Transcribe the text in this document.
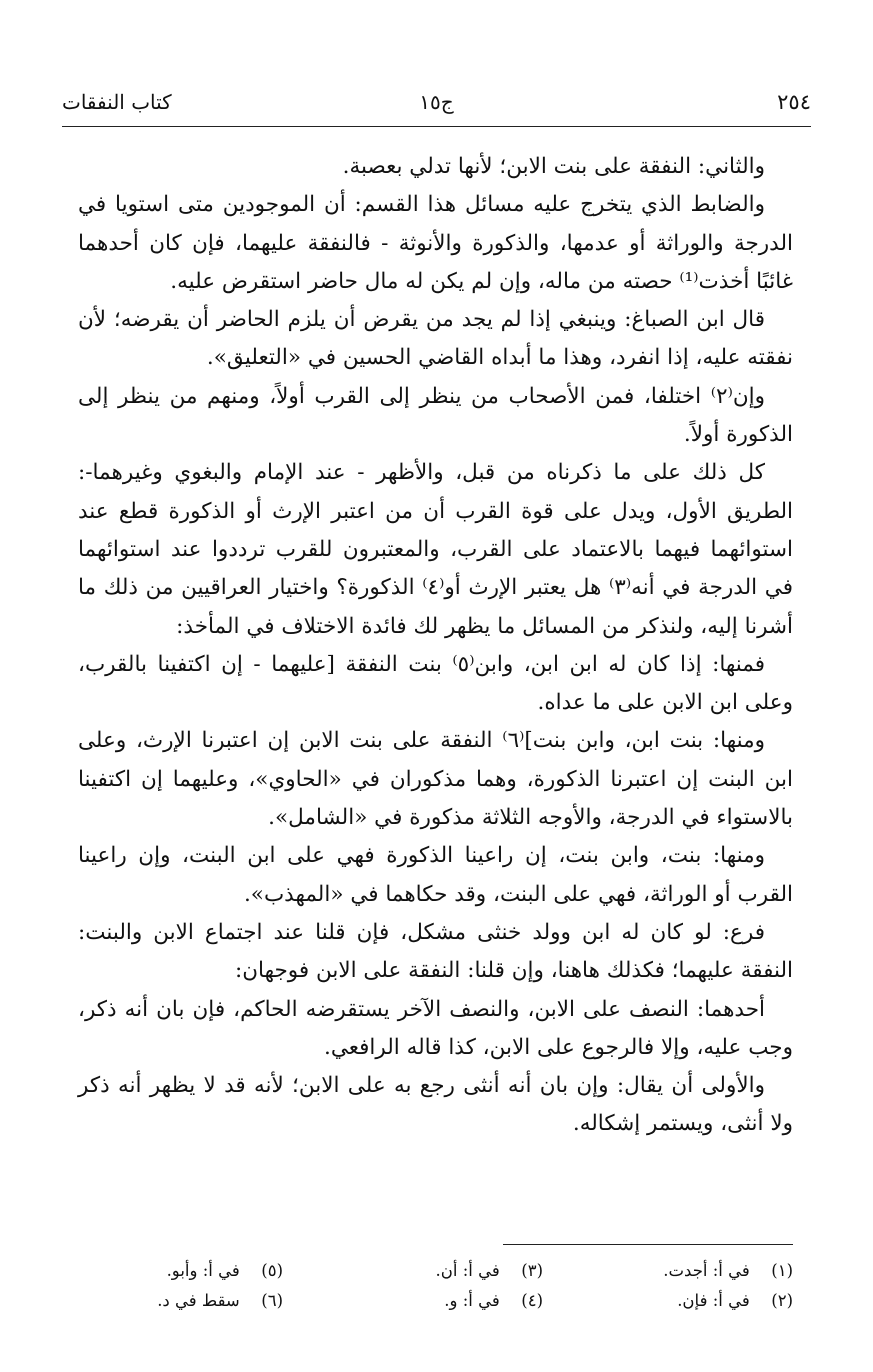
٢٥٤
ج١٥
كتاب النفقات

والثاني: النفقة على بنت الابن؛ لأنها تدلي بعصبة.

والضابط الذي يتخرج عليه مسائل هذا القسم: أن الموجودين متى استويا في الدرجة والوراثة أو عدمها، والذكورة والأنوثة - فالنفقة عليهما، فإن كان أحدهما غائبًا أخذت⁽¹⁾ حصته من ماله، وإن لم يكن له مال حاضر استقرض عليه.

قال ابن الصباغ: وينبغي إذا لم يجد من يقرض أن يلزم الحاضر أن يقرضه؛ لأن نفقته عليه، إذا انفرد، وهذا ما أبداه القاضي الحسين في «التعليق».

وإن⁽٢⁾ اختلفا، فمن الأصحاب من ينظر إلى القرب أولاً، ومنهم من ينظر إلى الذكورة أولاً.

كل ذلك على ما ذكرناه من قبل، والأظهر - عند الإمام والبغوي وغيرهما-: الطريق الأول، ويدل على قوة القرب أن من اعتبر الإرث أو الذكورة قطع عند استوائهما فيهما بالاعتماد على القرب، والمعتبرون للقرب ترددوا عند استوائهما في الدرجة في أنه⁽٣⁾ هل يعتبر الإرث أو⁽٤⁾ الذكورة؟ واختيار العراقيين من ذلك ما أشرنا إليه، ولنذكر من المسائل ما يظهر لك فائدة الاختلاف في المأخذ:

فمنها: إذا كان له ابن ابن، وابن⁽٥⁾ بنت النفقة [عليهما - إن اكتفينا بالقرب، وعلى ابن الابن على ما عداه.

ومنها: بنت ابن، وابن بنت]⁽٦⁾ النفقة على بنت الابن إن اعتبرنا الإرث، وعلى ابن البنت إن اعتبرنا الذكورة، وهما مذكوران في «الحاوي»، وعليهما إن اكتفينا بالاستواء في الدرجة، والأوجه الثلاثة مذكورة في «الشامل».

ومنها: بنت، وابن بنت، إن راعينا الذكورة فهي على ابن البنت، وإن راعينا القرب أو الوراثة، فهي على البنت، وقد حكاهما في «المهذب».

فرع: لو كان له ابن وولد خنثى مشكل، فإن قلنا عند اجتماع الابن والبنت: النفقة عليهما؛ فكذلك هاهنا، وإن قلنا: النفقة على الابن فوجهان:

أحدهما: النصف على الابن، والنصف الآخر يستقرضه الحاكم، فإن بان أنه ذكر، وجب عليه، وإلا فالرجوع على الابن، كذا قاله الرافعي.

والأولى أن يقال: وإن بان أنه أنثى رجع به على الابن؛ لأنه قد لا يظهر أنه ذكر ولا أنثى، ويستمر إشكاله.

(١) في أ: أجدت.
(٢) في أ: فإن.
(٣) في أ: أن.
(٤) في أ: و.
(٥) في أ: وأبو.
(٦) سقط في د.
